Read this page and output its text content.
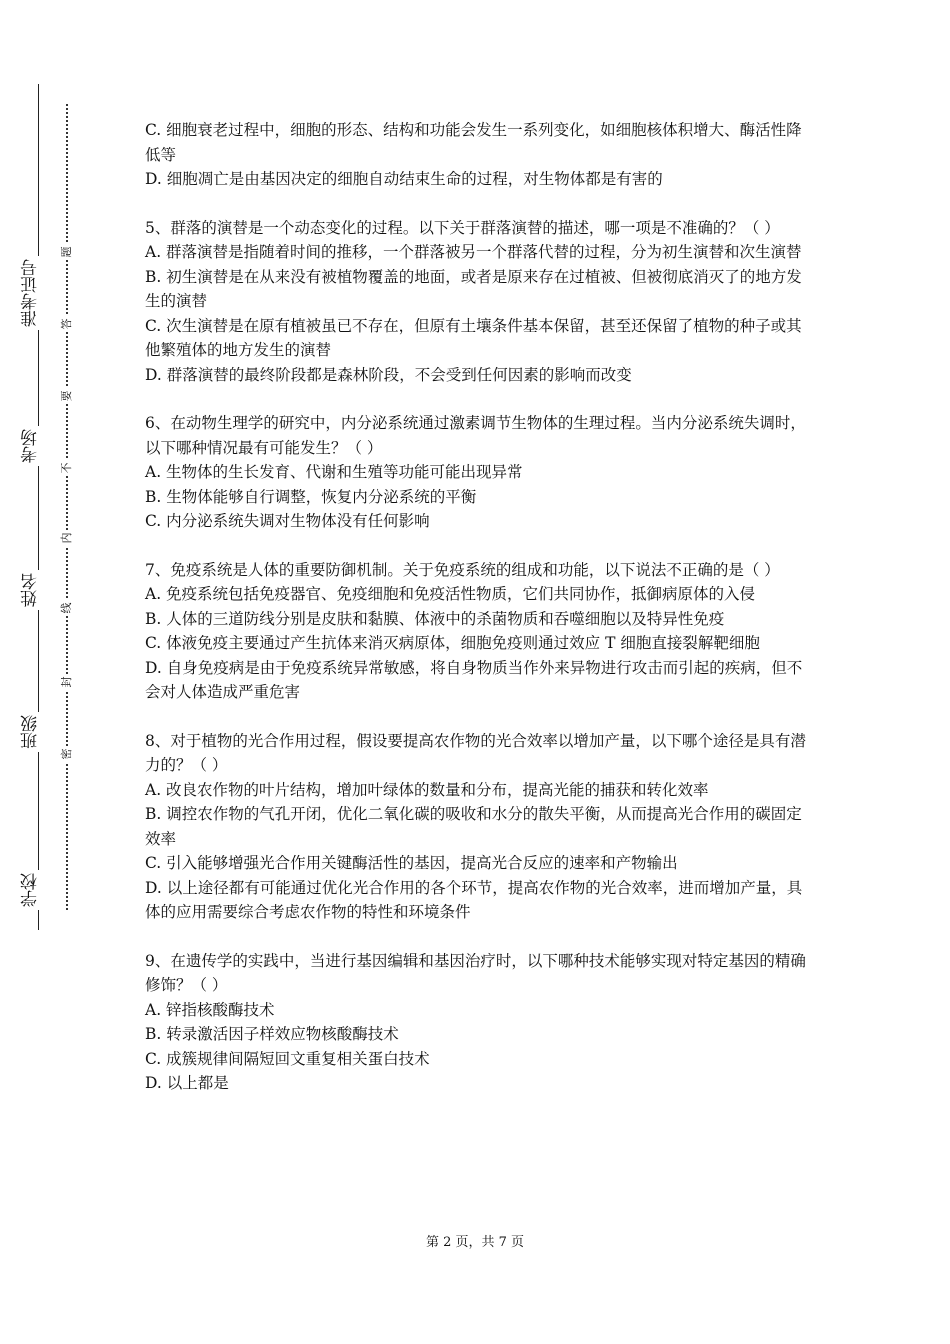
学校
班级
姓名
考场
准考证号
密
封
线
内
不
要
答
题
C. 细胞衰老过程中，细胞的形态、结构和功能会发生一系列变化，如细胞核体积增大、酶活性降低等
D. 细胞凋亡是由基因决定的细胞自动结束生命的过程，对生物体都是有害的
5、群落的演替是一个动态变化的过程。以下关于群落演替的描述，哪一项是不准确的？（ ）
A. 群落演替是指随着时间的推移，一个群落被另一个群落代替的过程，分为初生演替和次生演替
B. 初生演替是在从来没有被植物覆盖的地面，或者是原来存在过植被、但被彻底消灭了的地方发生的演替
C. 次生演替是在原有植被虽已不存在，但原有土壤条件基本保留，甚至还保留了植物的种子或其他繁殖体的地方发生的演替
D. 群落演替的最终阶段都是森林阶段，不会受到任何因素的影响而改变
6、在动物生理学的研究中，内分泌系统通过激素调节生物体的生理过程。当内分泌系统失调时，以下哪种情况最有可能发生？（ ）
A. 生物体的生长发育、代谢和生殖等功能可能出现异常
B. 生物体能够自行调整，恢复内分泌系统的平衡
C. 内分泌系统失调对生物体没有任何影响
7、免疫系统是人体的重要防御机制。关于免疫系统的组成和功能，以下说法不正确的是（ ）
A. 免疫系统包括免疫器官、免疫细胞和免疫活性物质，它们共同协作，抵御病原体的入侵
B. 人体的三道防线分别是皮肤和黏膜、体液中的杀菌物质和吞噬细胞以及特异性免疫
C. 体液免疫主要通过产生抗体来消灭病原体，细胞免疫则通过效应 T 细胞直接裂解靶细胞
D. 自身免疫病是由于免疫系统异常敏感，将自身物质当作外来异物进行攻击而引起的疾病，但不会对人体造成严重危害
8、对于植物的光合作用过程，假设要提高农作物的光合效率以增加产量，以下哪个途径是具有潜力的？（ ）
A. 改良农作物的叶片结构，增加叶绿体的数量和分布，提高光能的捕获和转化效率
B. 调控农作物的气孔开闭，优化二氧化碳的吸收和水分的散失平衡，从而提高光合作用的碳固定效率
C. 引入能够增强光合作用关键酶活性的基因，提高光合反应的速率和产物输出
D. 以上途径都有可能通过优化光合作用的各个环节，提高农作物的光合效率，进而增加产量，具体的应用需要综合考虑农作物的特性和环境条件
9、在遗传学的实践中，当进行基因编辑和基因治疗时，以下哪种技术能够实现对特定基因的精确修饰？（ ）
A. 锌指核酸酶技术
B. 转录激活因子样效应物核酸酶技术
C. 成簇规律间隔短回文重复相关蛋白技术
D. 以上都是
第 2 页，共 7 页
